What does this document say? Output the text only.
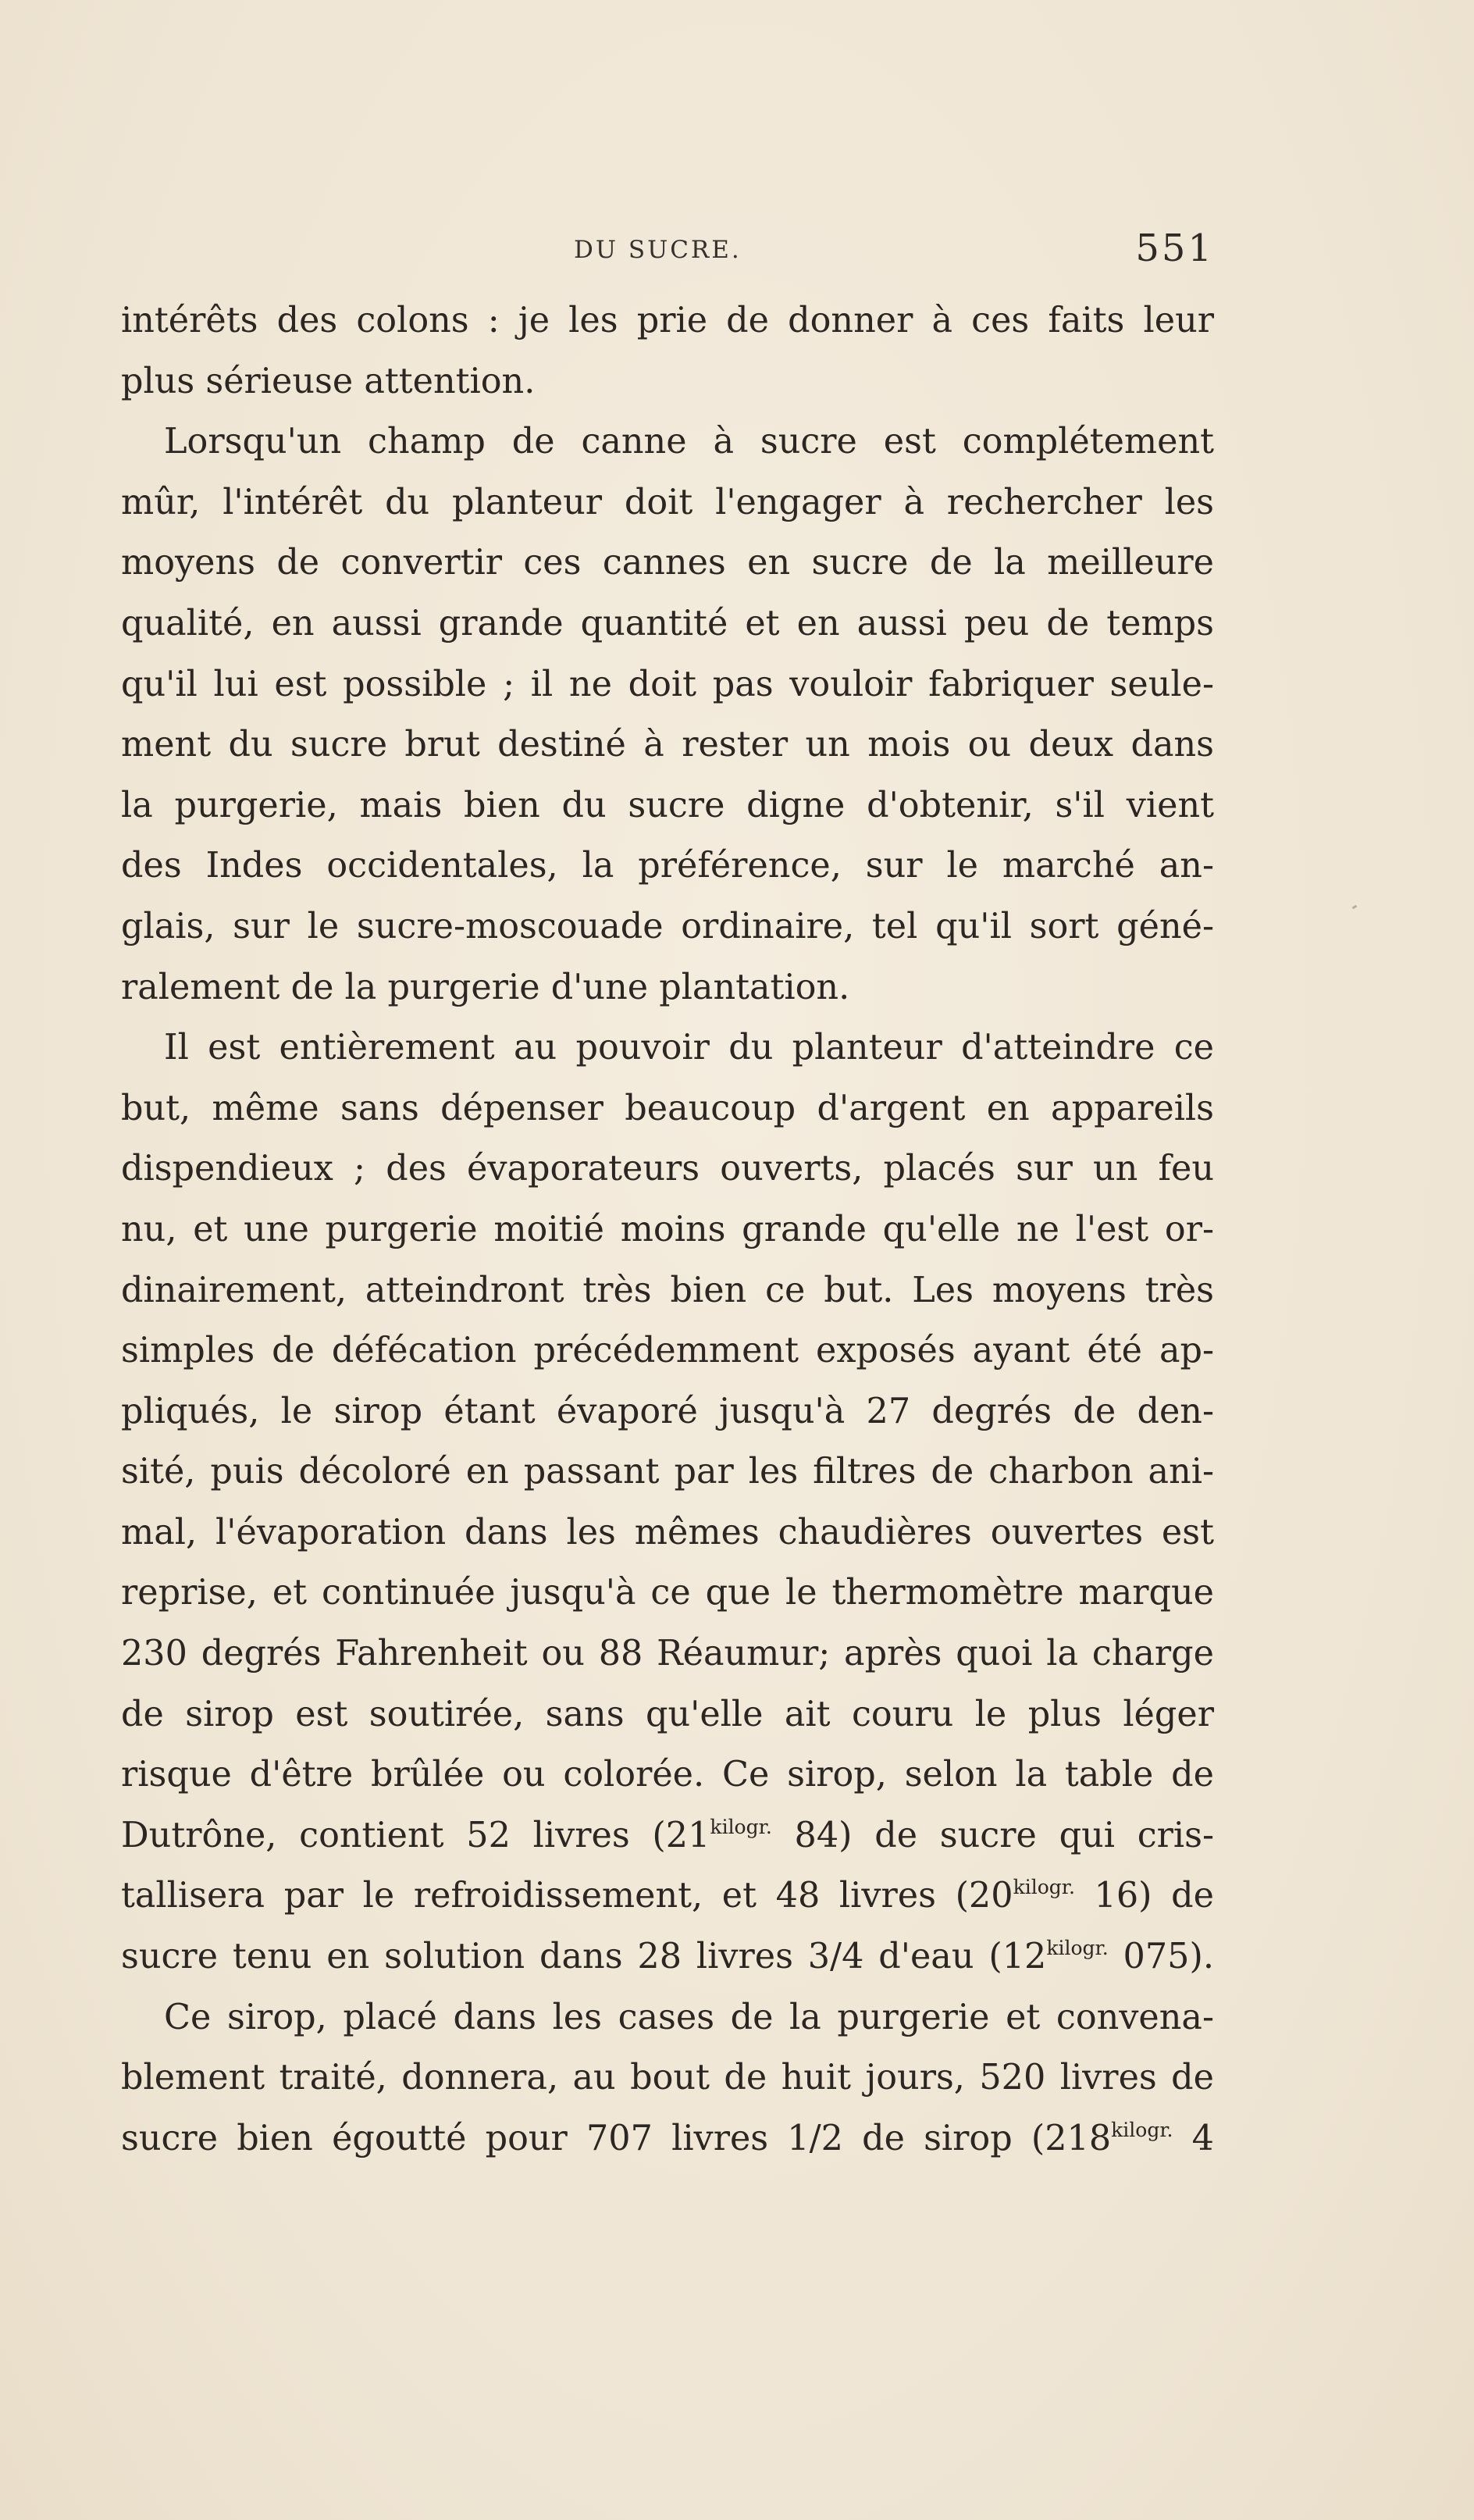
DU SUCRE.	551
intérêts des colons : je les prie de donner à ces faits leur
plus sérieuse attention.
Lorsqu'un champ de canne à sucre est complétement
mûr, l'intérêt du planteur doit l'engager à rechercher les
moyens de convertir ces cannes en sucre de la meilleure
qualité, en aussi grande quantité et en aussi peu de temps
qu'il lui est possible ; il ne doit pas vouloir fabriquer seule-
ment du sucre brut destiné à rester un mois ou deux dans
la purgerie, mais bien du sucre digne d'obtenir, s'il vient
des Indes occidentales, la préférence, sur le marché an-
glais, sur le sucre-moscouade ordinaire, tel qu'il sort géné-
ralement de la purgerie d'une plantation.
Il est entièrement au pouvoir du planteur d'atteindre ce
but, même sans dépenser beaucoup d'argent en appareils
dispendieux ; des évaporateurs ouverts, placés sur un feu
nu, et une purgerie moitié moins grande qu'elle ne l'est or-
dinairement, atteindront très bien ce but. Les moyens très
simples de défécation précédemment exposés ayant été ap-
pliqués, le sirop étant évaporé jusqu'à 27 degrés de den-
sité, puis décoloré en passant par les filtres de charbon ani-
mal, l'évaporation dans les mêmes chaudières ouvertes est
reprise, et continuée jusqu'à ce que le thermomètre marque
230 degrés Fahrenheit ou 88 Réaumur; après quoi la charge
de sirop est soutirée, sans qu'elle ait couru le plus léger
risque d'être brûlée ou colorée. Ce sirop, selon la table de
Dutrône, contient 52 livres ($21^{kilogr.}$ 84) de sucre qui cris-
tallisera par le refroidissement, et 48 livres ($20^{kilogr.}$ 16) de
sucre tenu en solution dans 28 livres 3/4 d'eau ($12^{kilogr.}$ 075).
Ce sirop, placé dans les cases de la purgerie et convena-
blement traité, donnera, au bout de huit jours, 520 livres de
sucre bien égoutté pour 707 livres 1/2 de sirop ($218^{kilogr.}$ 4
